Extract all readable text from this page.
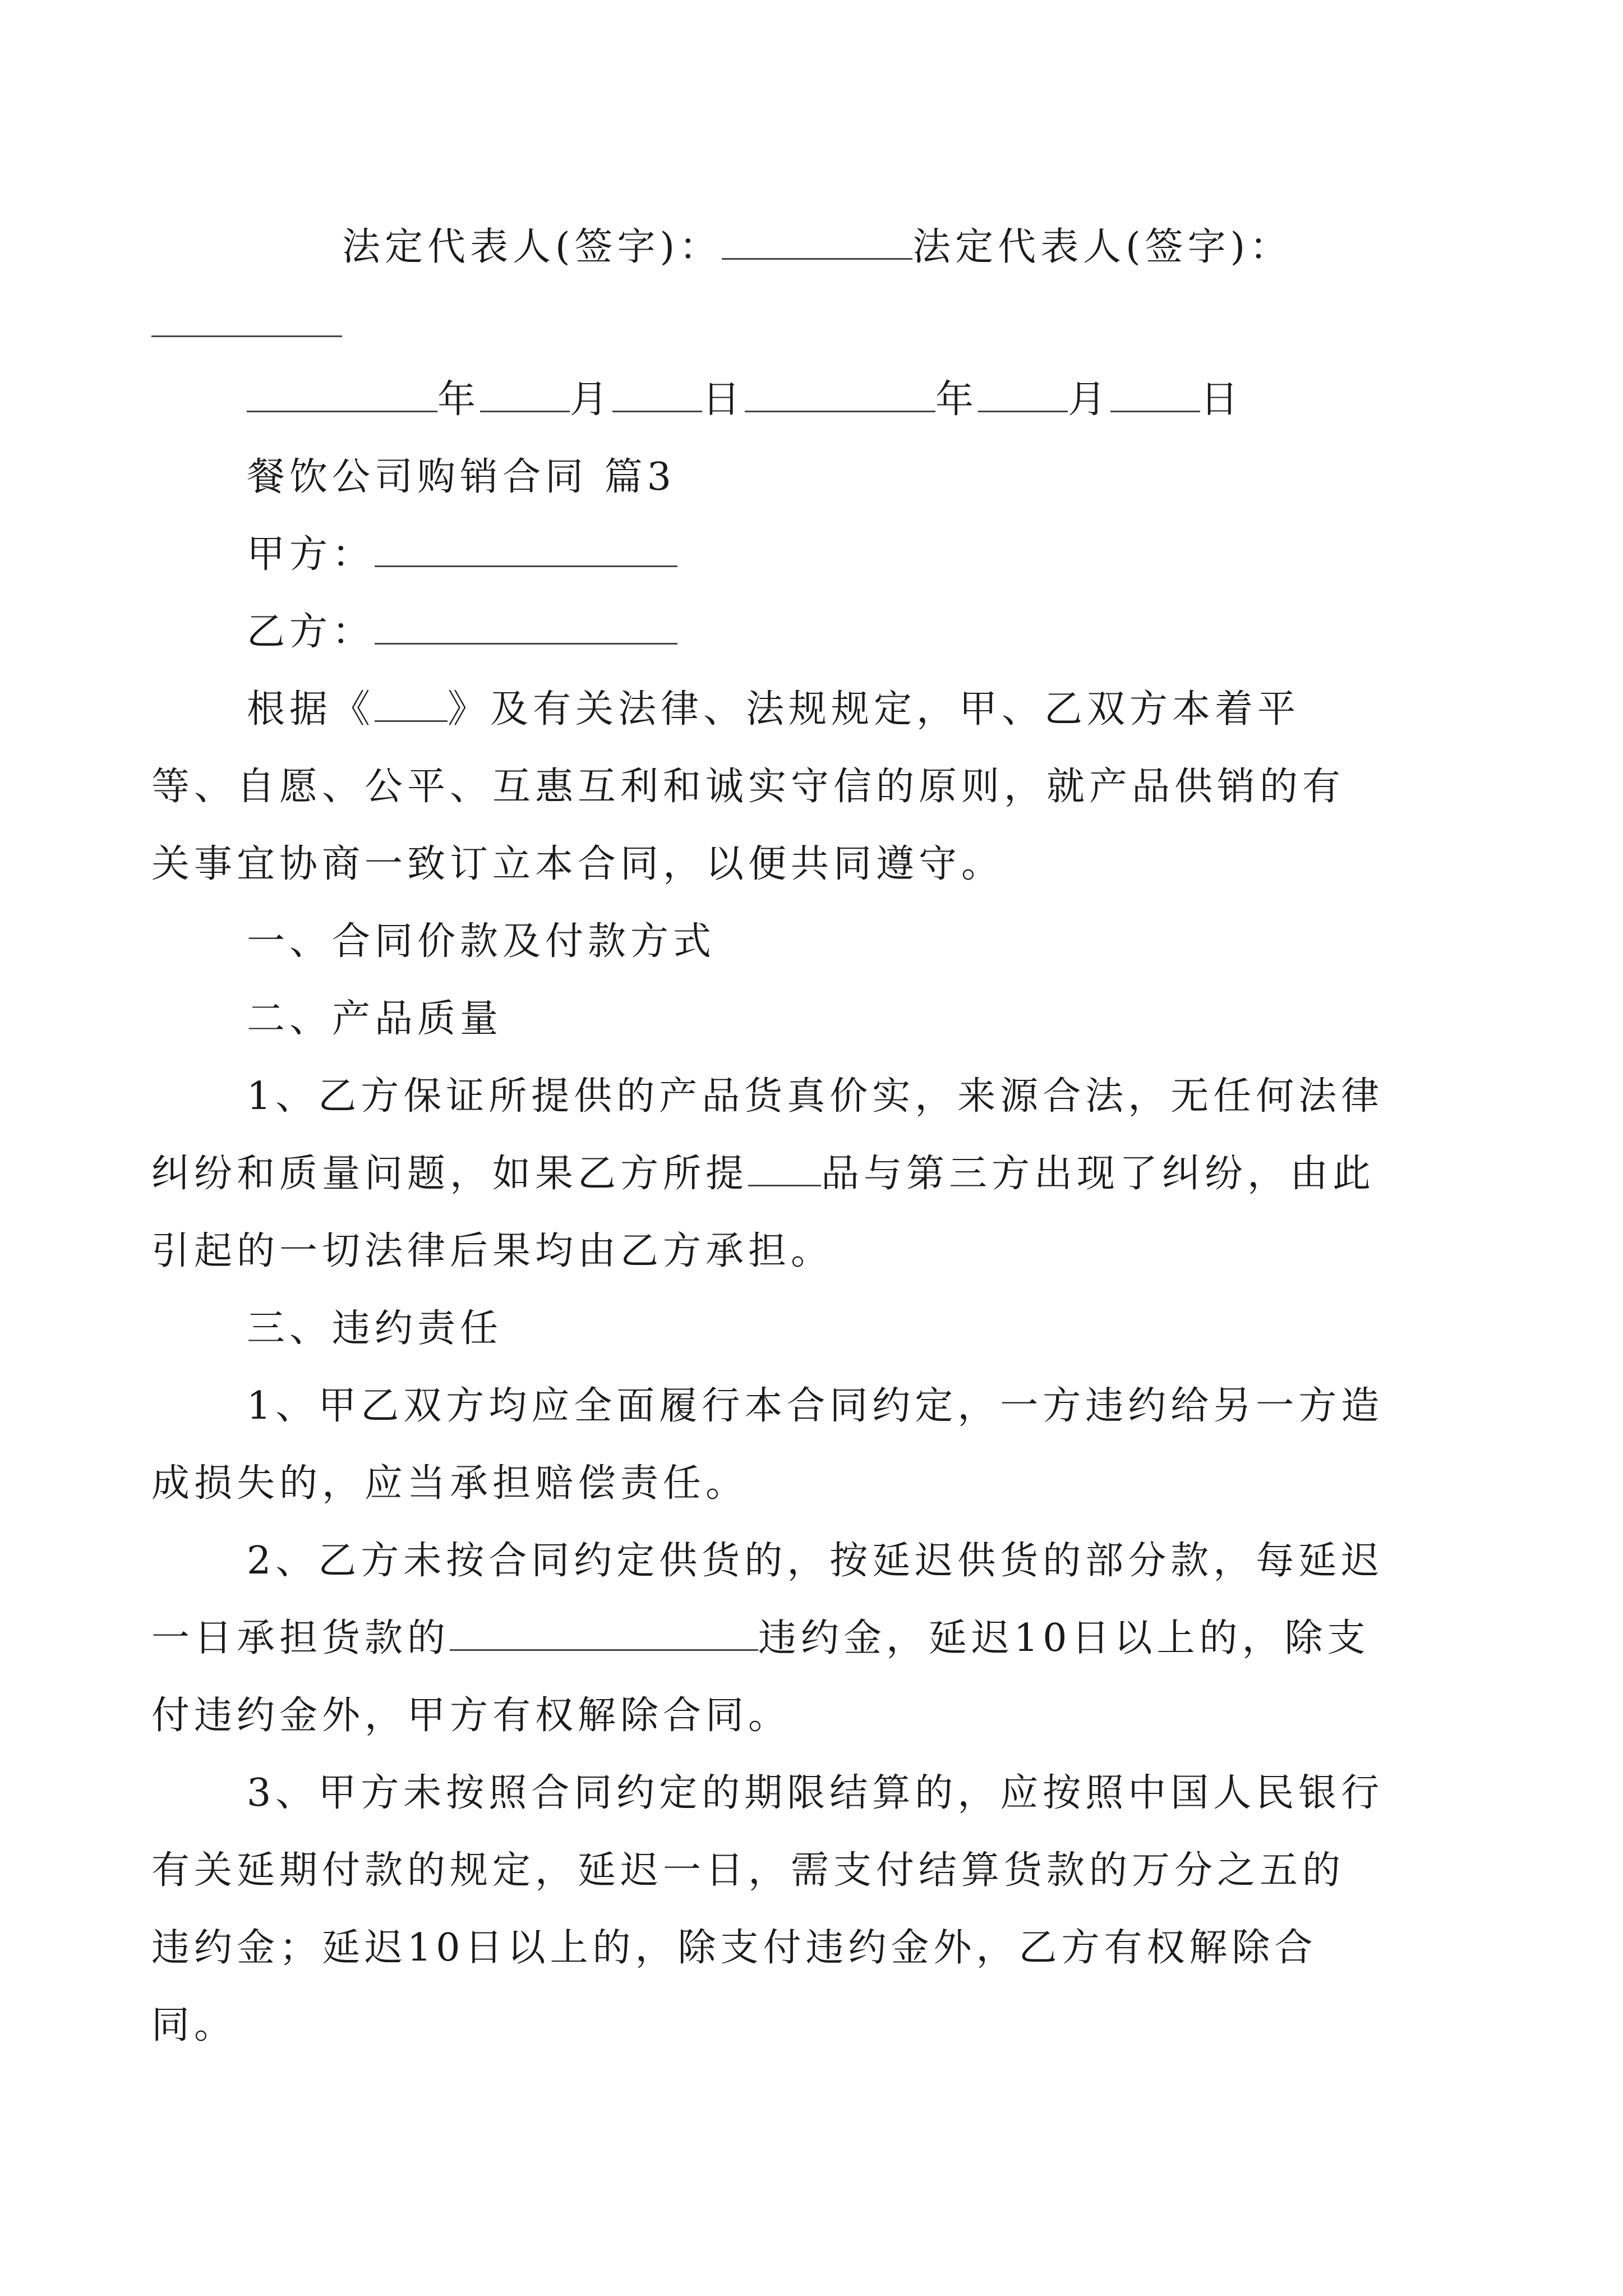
法定代表人(签字)：	法定代表人(签字)：

年 月 日	年 月 日

餐饮公司购销合同 篇3

甲方：

乙方：

根据《 》及有关法律、法规规定，甲、乙双方本着平等、自愿、公平、互惠互利和诚实守信的原则，就产品供销的有关事宜协商一致订立本合同，以便共同遵守。

一、合同价款及付款方式

二、产品质量

1、乙方保证所提供的产品货真价实，来源合法，无任何法律纠纷和质量问题，如果乙方所提 品与第三方出现了纠纷，由此引起的一切法律后果均由乙方承担。

三、违约责任

1、甲乙双方均应全面履行本合同约定，一方违约给另一方造成损失的，应当承担赔偿责任。

2、乙方未按合同约定供货的，按延迟供货的部分款，每延迟一日承担货款的	违约金，延迟10日以上的，除支付违约金外，甲方有权解除合同。

3、甲方未按照合同约定的期限结算的，应按照中国人民银行有关延期付款的规定，延迟一日，需支付结算货款的万分之五的违约金；延迟10日以上的，除支付违约金外，乙方有权解除合同。
